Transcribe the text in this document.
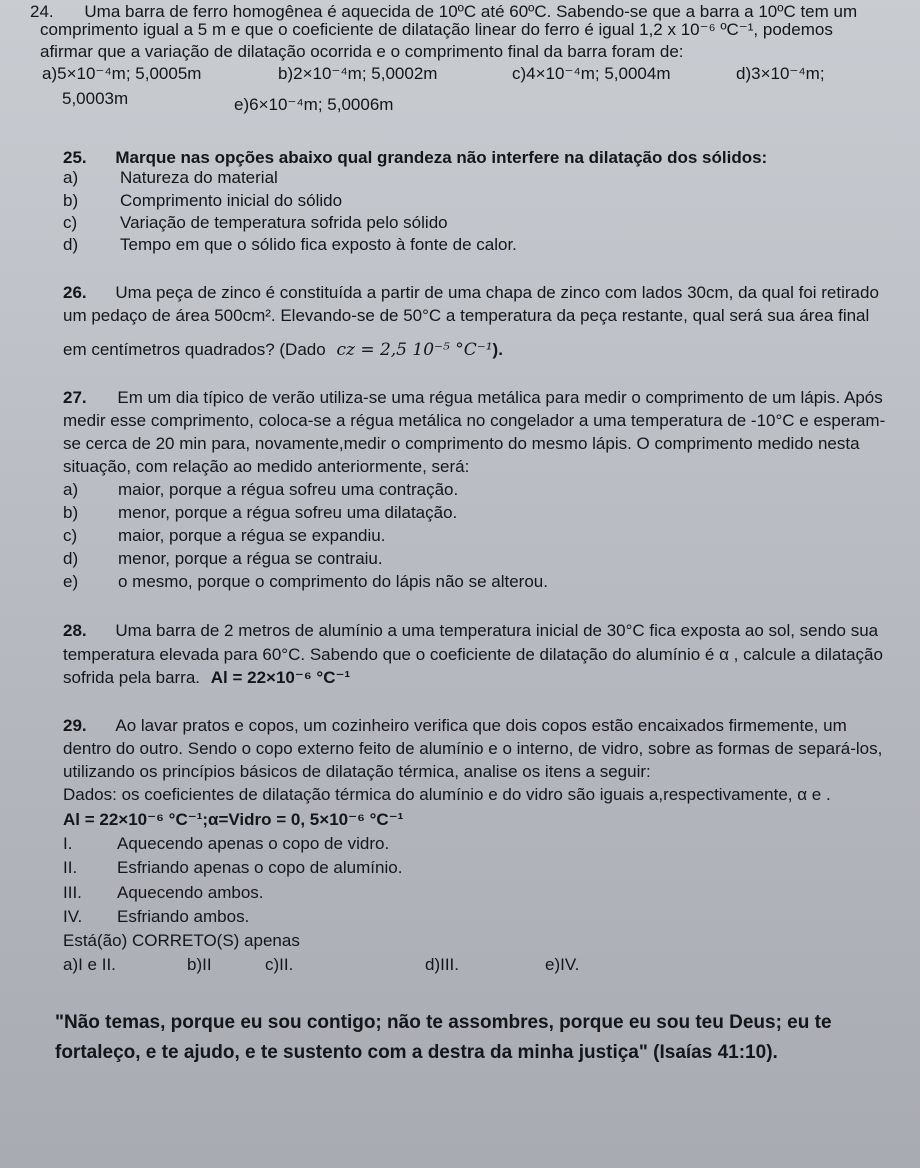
24. Uma barra de ferro homogênea é aquecida de 10ºC até 60ºC. Sabendo-se que a barra a 10ºC tem um
comprimento igual a 5 m e que o coeficiente de dilatação linear do ferro é igual 1,2 x 10⁻⁶ ºC⁻¹, podemos
afirmar que a variação de dilatação ocorrida e o comprimento final da barra foram de:
a)5×10⁻⁴m; 5,0005m	b)2×10⁻⁴m; 5,0002m	c)4×10⁻⁴m; 5,0004m	d)3×10⁻⁴m;
5,0003m	e)6×10⁻⁴m; 5,0006m
25. Marque nas opções abaixo qual grandeza não interfere na dilatação dos sólidos:
a) Natureza do material
b) Comprimento inicial do sólido
c)	Variação de temperatura sofrida pelo sólido
d) Tempo em que o sólido fica exposto à fonte de calor.
26. Uma peça de zinco é constituída a partir de uma chapa de zinco com lados 30cm, da qual foi retirado
um pedaço de área 500cm². Elevando-se de 50°C a temperatura da peça restante, qual será sua área final
em centímetros quadrados? (Dado cz = 2,5 10⁻⁵ °C⁻¹).
27. Em um dia típico de verão utiliza-se uma régua metálica para medir o comprimento de um lápis. Após
medir esse comprimento, coloca-se a régua metálica no congelador a uma temperatura de -10°C e esperam-
se cerca de 20 min para, novamente,medir o comprimento do mesmo lápis. O comprimento medido nesta
situação, com relação ao medido anteriormente, será:
a) maior, porque a régua sofreu uma contração.
b) menor, porque a régua sofreu uma dilatação.
c) maior, porque a régua se expandiu.
d) menor, porque a régua se contraiu.
e) o mesmo, porque o comprimento do lápis não se alterou.
28. Uma barra de 2 metros de alumínio a uma temperatura inicial de 30°C fica exposta ao sol, sendo sua
temperatura elevada para 60°C. Sabendo que o coeficiente de dilatação do alumínio é α , calcule a dilatação
sofrida pela barra. Al = 22×10⁻⁶ °C⁻¹
29. Ao lavar pratos e copos, um cozinheiro verifica que dois copos estão encaixados firmemente, um
dentro do outro. Sendo o copo externo feito de alumínio e o interno, de vidro, sobre as formas de separá-los,
utilizando os princípios básicos de dilatação térmica, analise os itens a seguir:
Dados: os coeficientes de dilatação térmica do alumínio e do vidro são iguais a,respectivamente, α e .
Al = 22×10⁻⁶ °C⁻¹;α=Vidro = 0, 5×10⁻⁶ °C⁻¹
I.	Aquecendo apenas o copo de vidro.
II. Esfriando apenas o copo de alumínio.
III. Aquecendo ambos.
IV. Esfriando ambos.
Está(ão) CORRETO(S) apenas
a)I e II.	b)II	c)II.	d)III.	e)IV.
"Não temas, porque eu sou contigo; não te assombres, porque eu sou teu Deus; eu te
fortaleço, e te ajudo, e te sustento com a destra da minha justiça" (Isaías 41:10).
